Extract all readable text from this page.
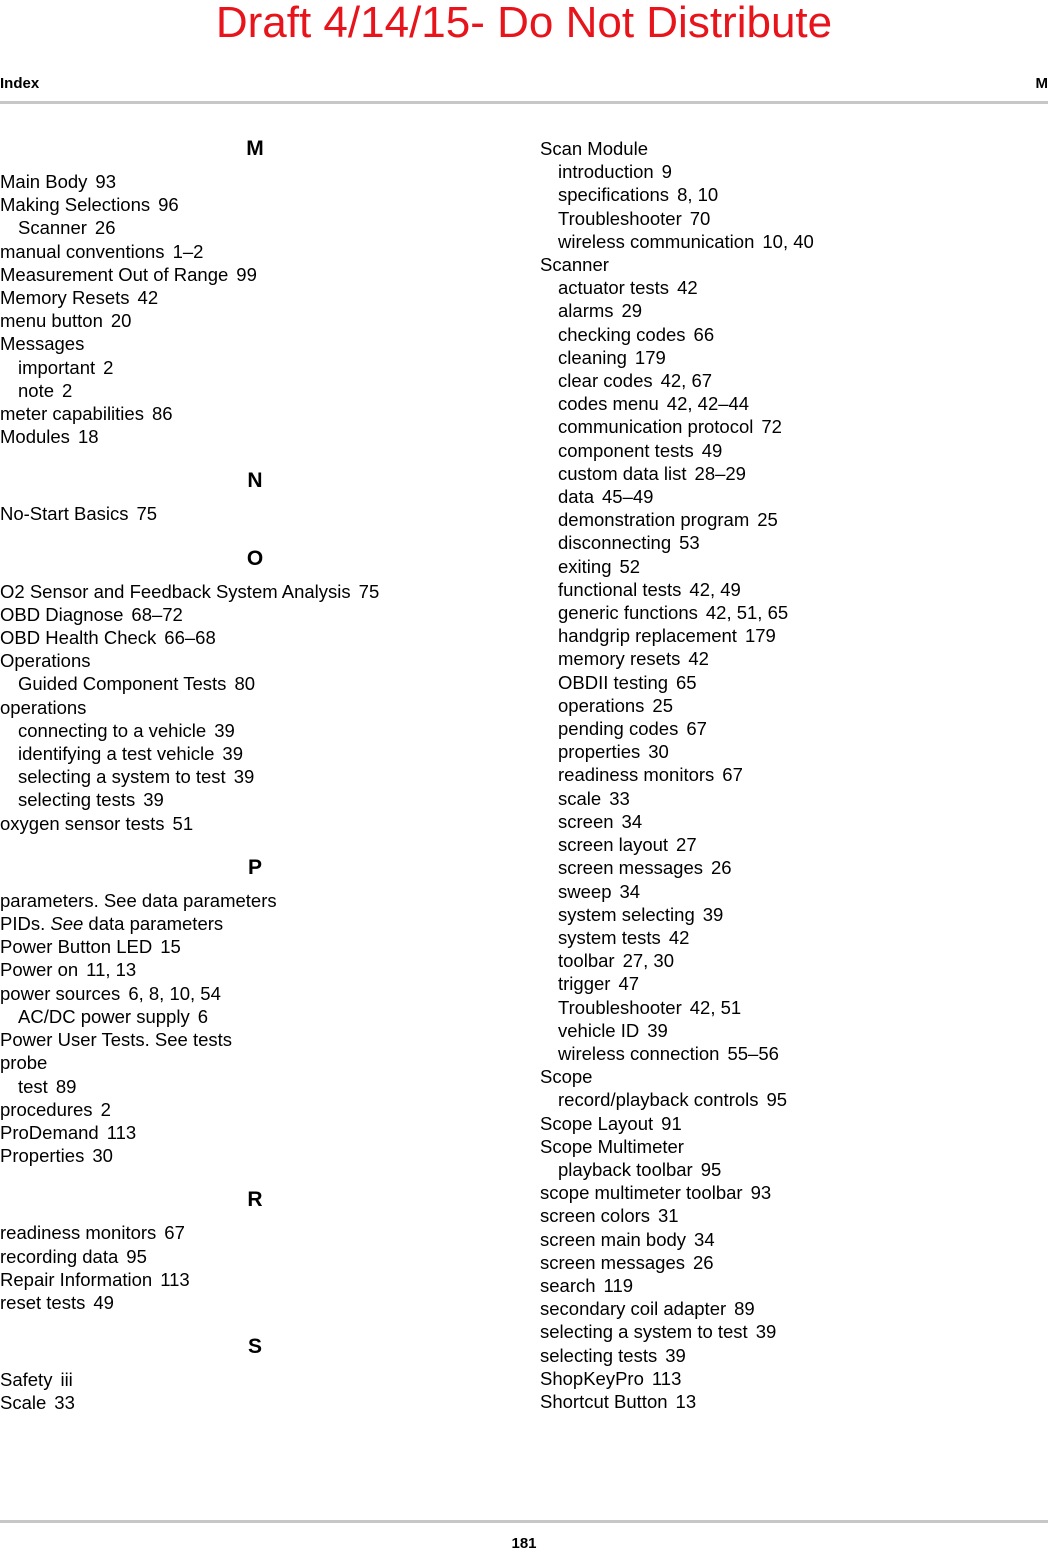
Draft 4/14/15- Do Not Distribute
Index	M
M
Main Body 93
Making Selections 96
Scanner 26
manual conventions 1–2
Measurement Out of Range 99
Memory Resets 42
menu button 20
Messages
important 2
note 2
meter capabilities 86
Modules 18
N
No-Start Basics 75
O
O2 Sensor and Feedback System Analysis 75
OBD Diagnose 68–72
OBD Health Check 66–68
Operations
Guided Component Tests 80
operations
connecting to a vehicle 39
identifying a test vehicle 39
selecting a system to test 39
selecting tests 39
oxygen sensor tests 51
P
parameters. See data parameters
PIDs. See data parameters
Power Button LED 15
Power on 11, 13
power sources 6, 8, 10, 54
AC/DC power supply 6
Power User Tests. See tests
probe
test 89
procedures 2
ProDemand 113
Properties 30
R
readiness monitors 67
recording data 95
Repair Information 113
reset tests 49
S
Safety iii
Scale 33
Scan Module
introduction 9
specifications 8, 10
Troubleshooter 70
wireless communication 10, 40
Scanner
actuator tests 42
alarms 29
checking codes 66
cleaning 179
clear codes 42, 67
codes menu 42, 42–44
communication protocol 72
component tests 49
custom data list 28–29
data 45–49
demonstration program 25
disconnecting 53
exiting 52
functional tests 42, 49
generic functions 42, 51, 65
handgrip replacement 179
memory resets 42
OBDII testing 65
operations 25
pending codes 67
properties 30
readiness monitors 67
scale 33
screen 34
screen layout 27
screen messages 26
sweep 34
system selecting 39
system tests 42
toolbar 27, 30
trigger 47
Troubleshooter 42, 51
vehicle ID 39
wireless connection 55–56
Scope
record/playback controls 95
Scope Layout 91
Scope Multimeter
playback toolbar 95
scope multimeter toolbar 93
screen colors 31
screen main body 34
screen messages 26
search 119
secondary coil adapter 89
selecting a system to test 39
selecting tests 39
ShopKeyPro 113
Shortcut Button 13
181
